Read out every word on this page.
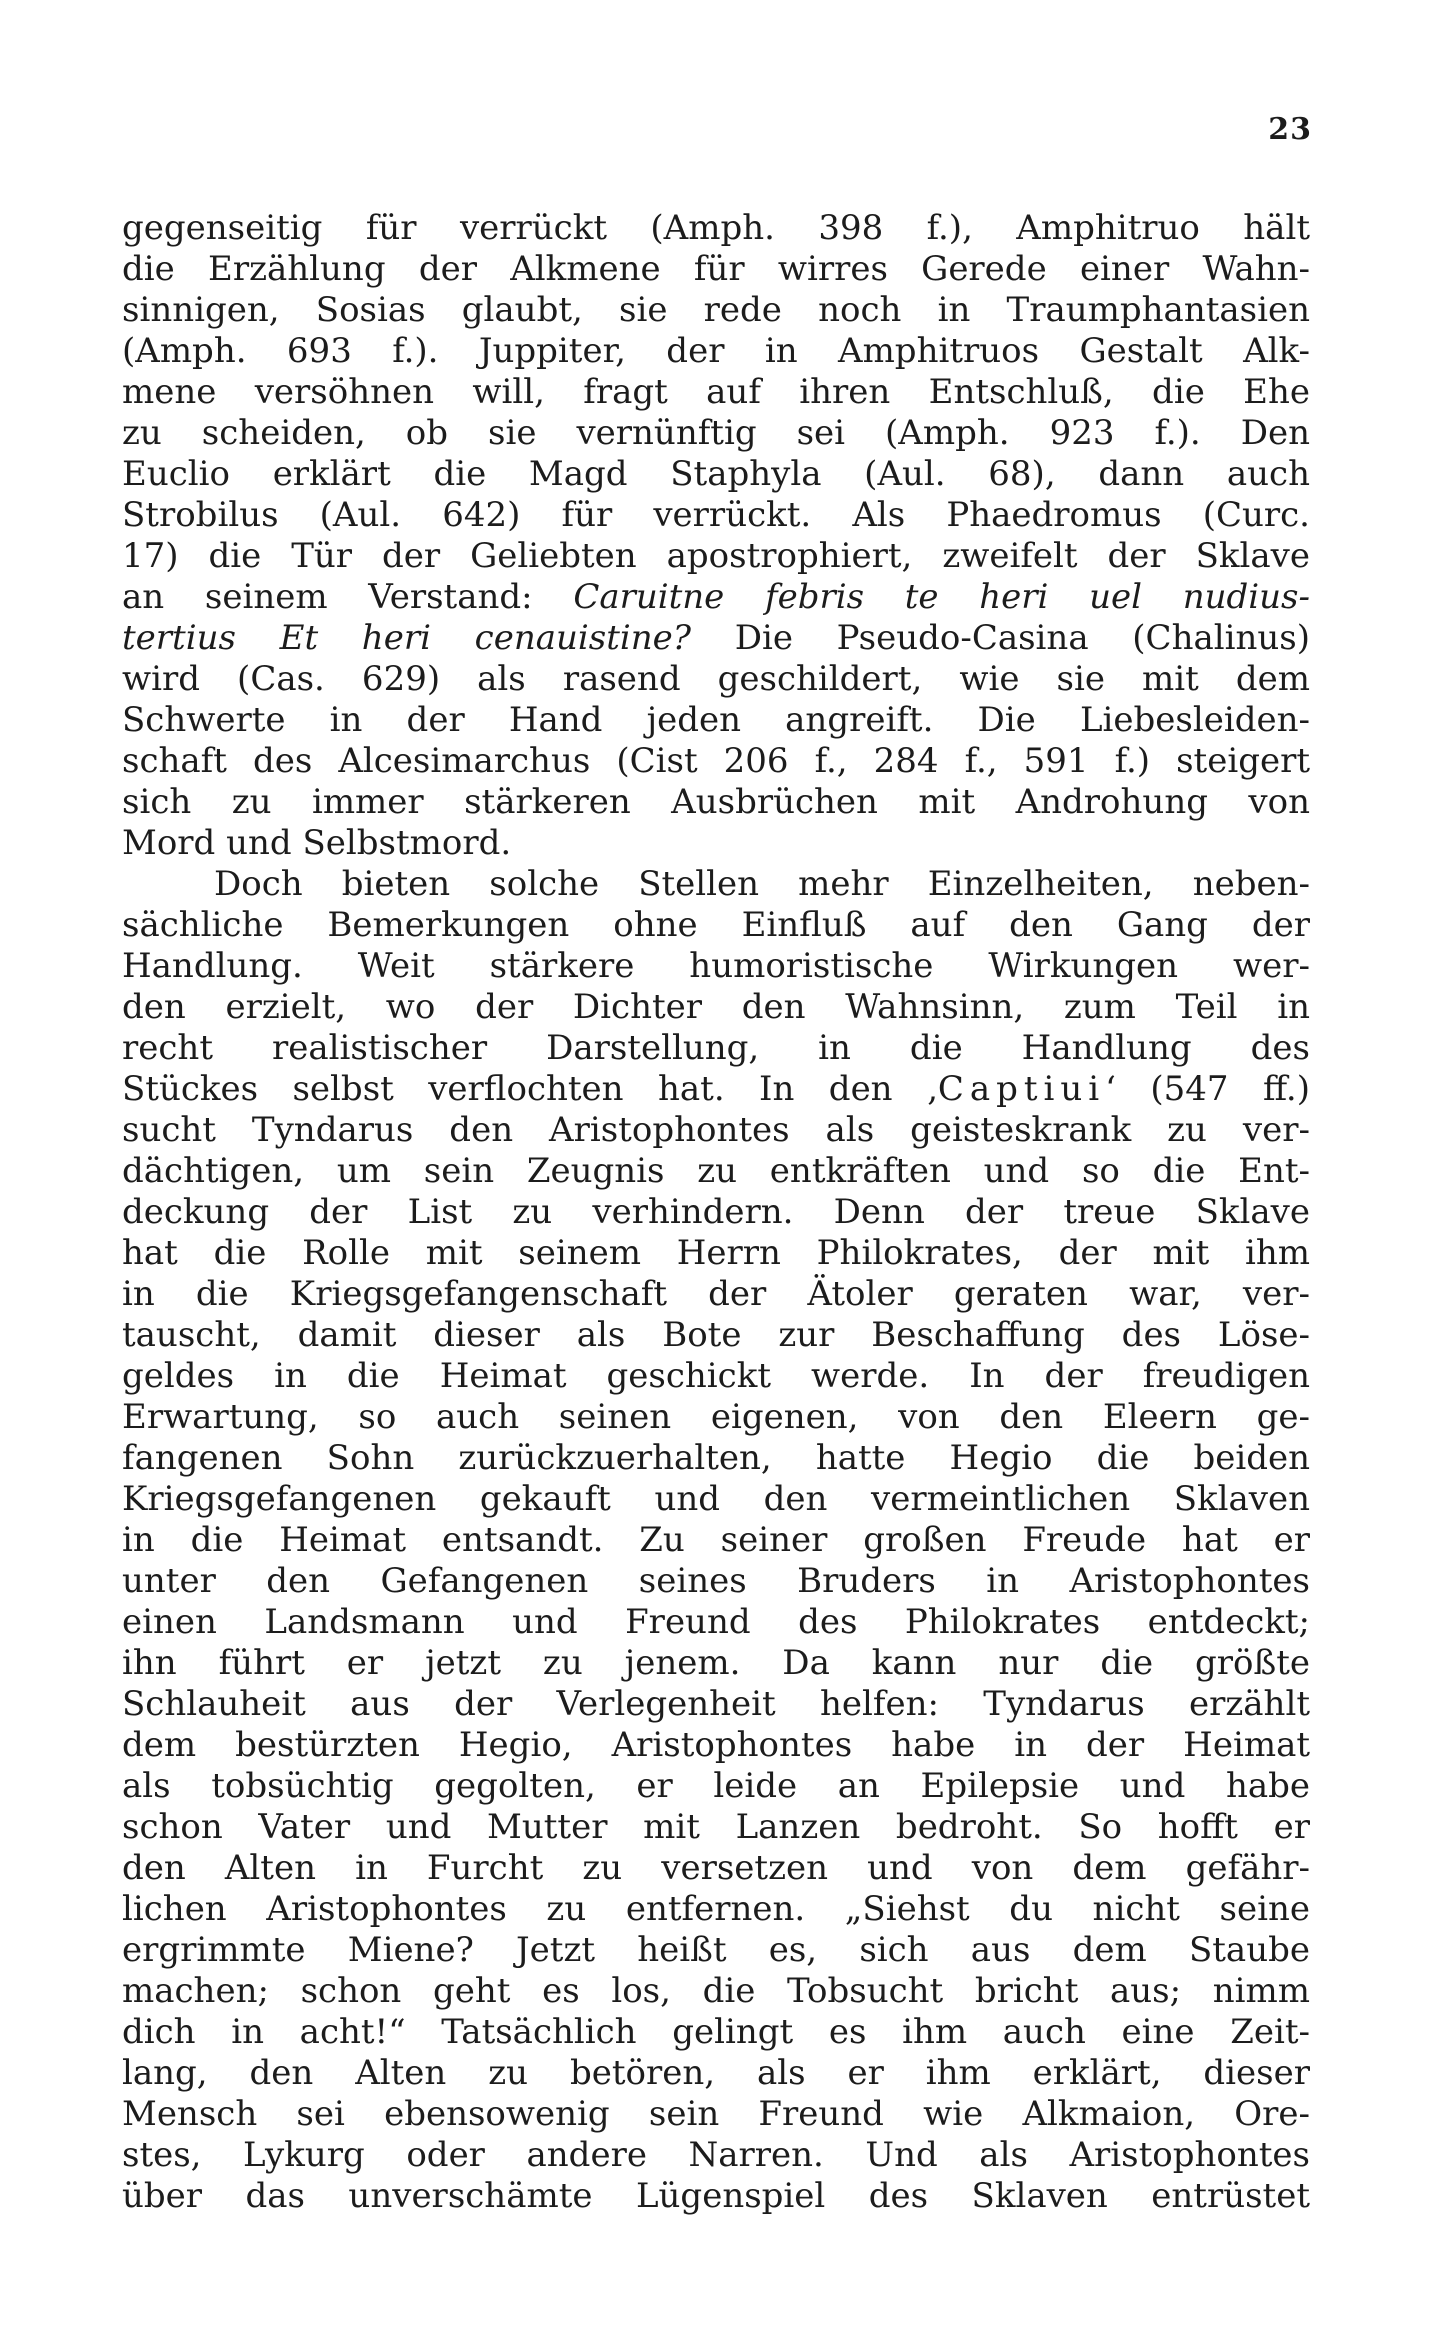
23
gegenseitig für verrückt (Amph. 398 f.), Amphitruo hält
die Erzählung der Alkmene für wirres Gerede einer Wahn-
sinnigen, Sosias glaubt, sie rede noch in Traumphantasien
(Amph. 693 f.). Juppiter, der in Amphitruos Gestalt Alk-
mene versöhnen will, fragt auf ihren Entschluß, die Ehe
zu scheiden, ob sie vernünftig sei (Amph. 923 f.). Den
Euclio erklärt die Magd Staphyla (Aul. 68), dann auch
Strobilus (Aul. 642) für verrückt. Als Phaedromus (Curc.
17) die Tür der Geliebten apostrophiert, zweifelt der Sklave
an seinem Verstand: Caruitne febris te heri uel nudius-
tertius Et heri cenauistine? Die Pseudo-Casina (Chalinus)
wird (Cas. 629) als rasend geschildert, wie sie mit dem
Schwerte in der Hand jeden angreift. Die Liebesleiden-
schaft des Alcesimarchus (Cist 206 f., 284 f., 591 f.) steigert
sich zu immer stärkeren Ausbrüchen mit Androhung von
Mord und Selbstmord.
Doch bieten solche Stellen mehr Einzelheiten, neben-
sächliche Bemerkungen ohne Einfluß auf den Gang der
Handlung. Weit stärkere humoristische Wirkungen wer-
den erzielt, wo der Dichter den Wahnsinn, zum Teil in
recht realistischer Darstellung, in die Handlung des
Stückes selbst verflochten hat. In den ‚Captiui‘ (547 ff.)
sucht Tyndarus den Aristophontes als geisteskrank zu ver-
dächtigen, um sein Zeugnis zu entkräften und so die Ent-
deckung der List zu verhindern. Denn der treue Sklave
hat die Rolle mit seinem Herrn Philokrates, der mit ihm
in die Kriegsgefangenschaft der Ätoler geraten war, ver-
tauscht, damit dieser als Bote zur Beschaffung des Löse-
geldes in die Heimat geschickt werde. In der freudigen
Erwartung, so auch seinen eigenen, von den Eleern ge-
fangenen Sohn zurückzuerhalten, hatte Hegio die beiden
Kriegsgefangenen gekauft und den vermeintlichen Sklaven
in die Heimat entsandt. Zu seiner großen Freude hat er
unter den Gefangenen seines Bruders in Aristophontes
einen Landsmann und Freund des Philokrates entdeckt;
ihn führt er jetzt zu jenem. Da kann nur die größte
Schlauheit aus der Verlegenheit helfen: Tyndarus erzählt
dem bestürzten Hegio, Aristophontes habe in der Heimat
als tobsüchtig gegolten, er leide an Epilepsie und habe
schon Vater und Mutter mit Lanzen bedroht. So hofft er
den Alten in Furcht zu versetzen und von dem gefähr-
lichen Aristophontes zu entfernen. „Siehst du nicht seine
ergrimmte Miene? Jetzt heißt es, sich aus dem Staube
machen; schon geht es los, die Tobsucht bricht aus; nimm
dich in acht!“ Tatsächlich gelingt es ihm auch eine Zeit-
lang, den Alten zu betören, als er ihm erklärt, dieser
Mensch sei ebensowenig sein Freund wie Alkmaion, Ore-
stes, Lykurg oder andere Narren. Und als Aristophontes
über das unverschämte Lügenspiel des Sklaven entrüstet
